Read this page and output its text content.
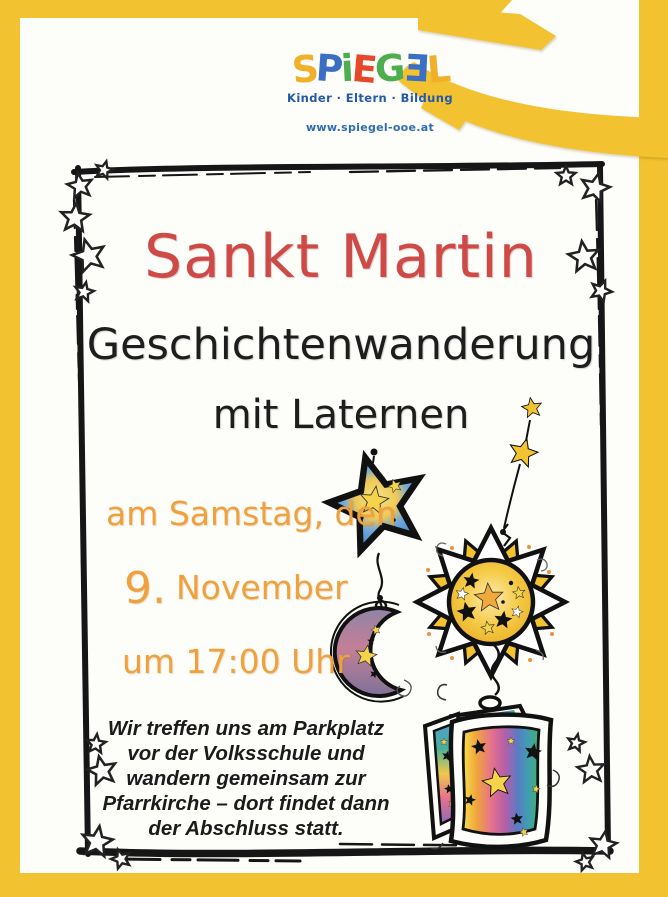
SPiEGƎL
Kinder · Eltern · Bildung
www.spiegel-ooe.at
Sankt Martin
Geschichtenwanderung
mit Laternen
am Samstag, den
9. November
um 17:00 Uhr
Wir treffen uns am Parkplatz
vor der Volksschule und
wandern gemeinsam zur
Pfarrkirche – dort findet dann
der Abschluss statt.
